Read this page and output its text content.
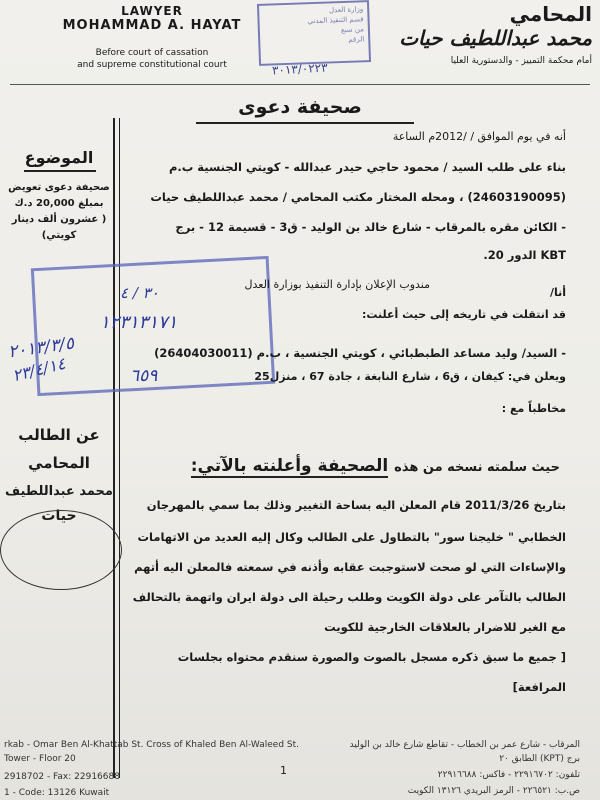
LAWYER
MOHAMMAD A. HAYAT
Before court of cassation
and supreme constitutional court
وزارة العدل
قسم التنفيذ المدني
من سبع
الرقم
٣٠١٣/٠٢٢٣
المحامي
محمد عبداللطيف حيات
أمام محكمة التمييز - والدستورية العليا
صحيفة دعوى
الموضوع
صحيفة دعوى تعويض
بمبلغ 20,000 د.ك
( عشرون ألف دينار
كويتي)
٣٠ / ٤
١٢٣١٣١٧١
٢٠١٣/٣/٥
٢٣/٤/١٤	٦٥٩
عن الطالب
المحامي
محمد عبداللطيف
حيات
أنه في يوم الموافق / /2012م الساعة
بناء على طلب السيد / محمود حاجي حيدر عبدالله - كويتي الجنسية ب.م
(24603190095) ، ومحله المختار مكتب المحامي / محمد عبداللطيف حيات
- الكائن مقره بالمرقاب - شارع خالد بن الوليد - ق3 - قسيمة 12 - برج
KBT الدور 20.
أنا/
مندوب الإعلان بإدارة التنفيذ بوزارة العدل
قد انتقلت في تاريخه إلى حيث أعلنت:
- السيد/ وليد مساعد الطبطبائي ، كويتي الجنسية ، ب.م (26404030011)
ويعلن في: كيفان ، ق6 ، شارع النابغة ، جادة 67 ، منزل25
مخاطباً مع :
حيث سلمته نسخه من هذه الصحيفة وأعلنته بالآتي:
بتاريخ 2011/3/26 قام المعلن اليه بساحة التغيير وذلك بما سمي بالمهرجان
الخطابي " خليجنا سور" بالتطاول على الطالب وكال إليه العديد من الاتهامات
والإساءات التي لو صحت لاستوجبت عقابه وأذنه في سمعته فالمعلن اليه أتهم
الطالب بالتآمر على دولة الكويت وطلب رحيلة الى دولة ايران واتهمة بالتحالف
مع الغير للاضرار بالعلاقات الخارجية للكويت
[ جميع ما سبق ذكره مسجل بالصوت والصورة سنقدم محتواه بجلسات
المرافعة]
1
rkab - Omar Ben Al-Khattab St. Cross of Khaled Ben Al-Waleed St.
Tower - Floor 20
2918702 - Fax: 22916688
1 - Code: 13126 Kuwait
المرقاب - شارع عمر بن الخطاب - تقاطع شارع خالد بن الوليد
برج (KPT) الطابق ٢٠
تلفون: ٢٢٩١٦٧٠٢ - فاكس: ٢٢٩١٦٦٨٨
ص.ب: ٢٢٦٥٢١ - الرمز البريدي ١٣١٢٦ الكويت
